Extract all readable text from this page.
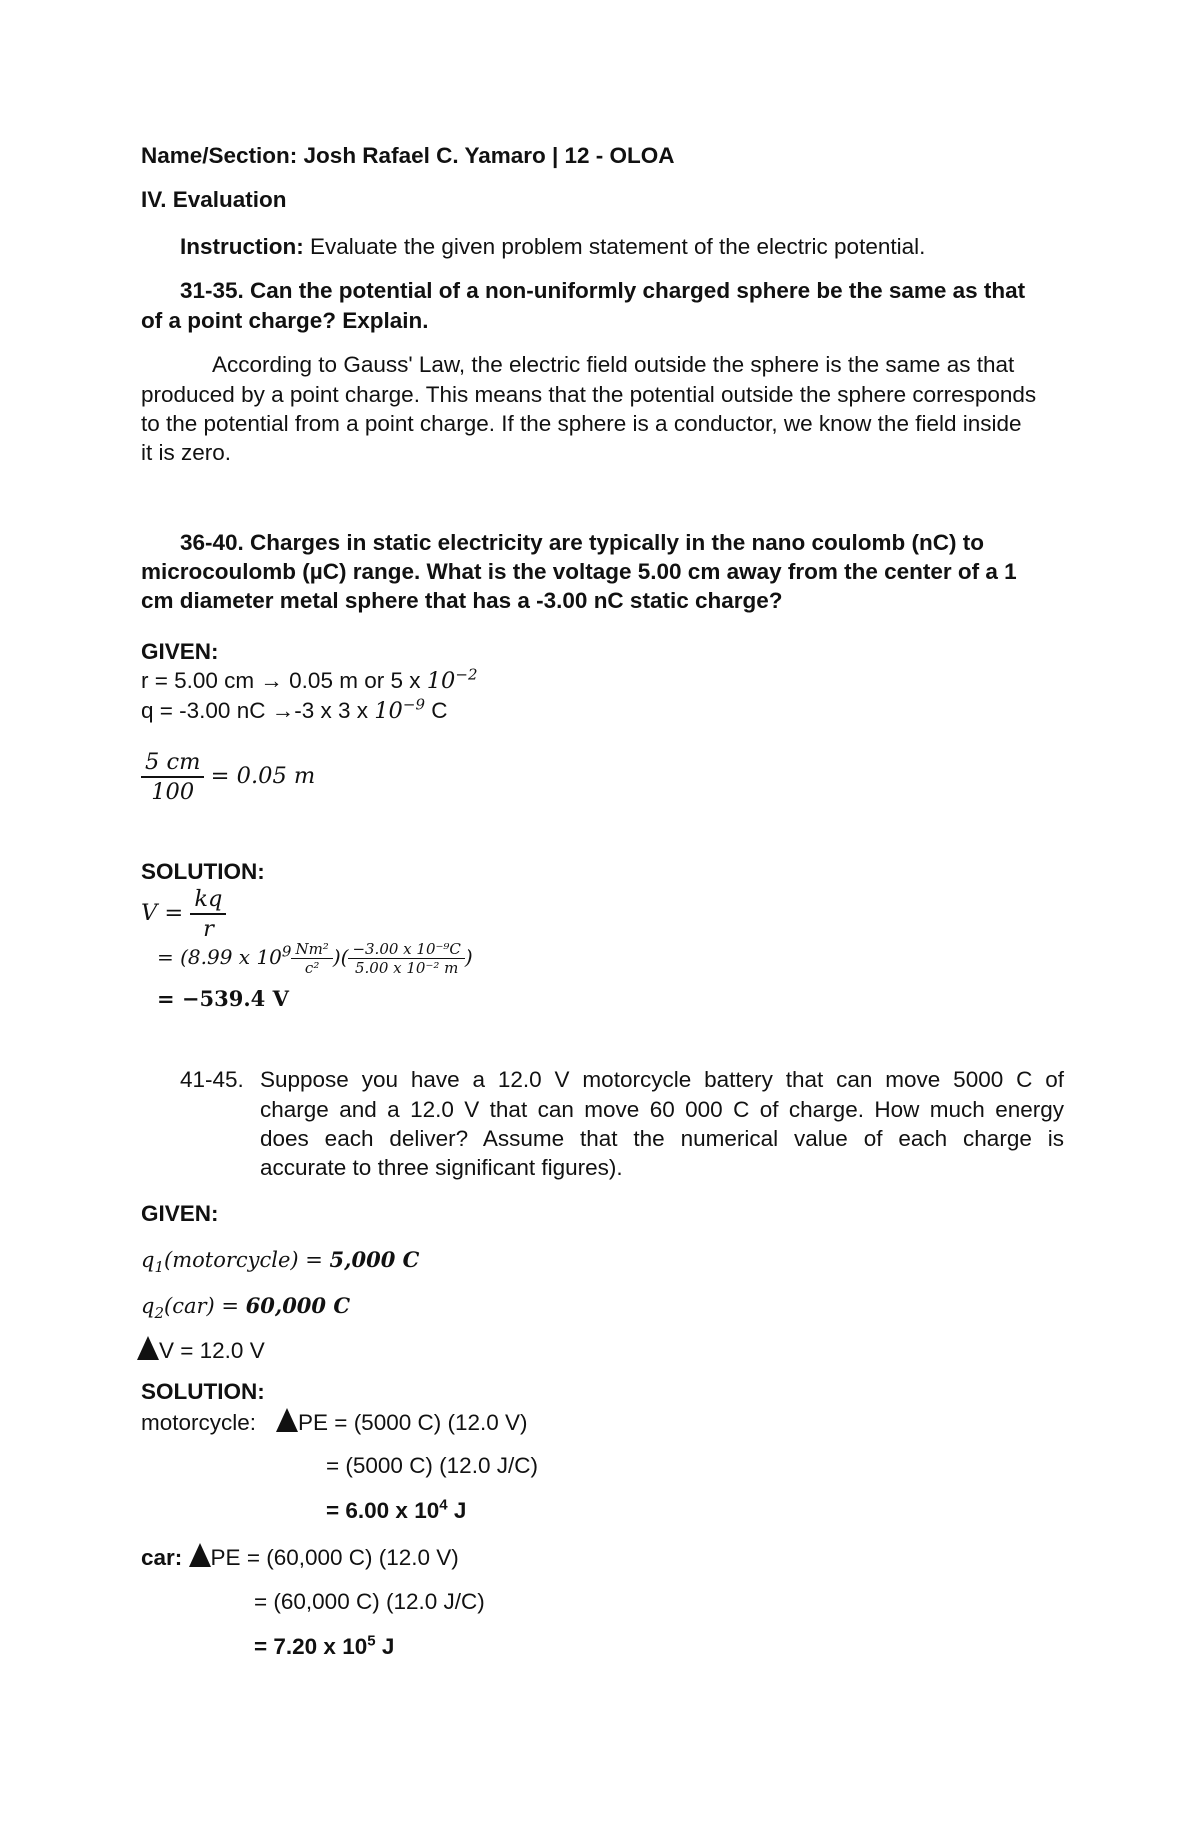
Name/Section: Josh Rafael C. Yamaro | 12 - OLOA
IV. Evaluation
Instruction: Evaluate the given problem statement of the electric potential.
31-35. Can the potential of a non-uniformly charged sphere be the same as that
of a point charge? Explain.
According to Gauss' Law, the electric field outside the sphere is the same as that
produced by a point charge. This means that the potential outside the sphere corresponds
to the potential from a point charge. If the sphere is a conductor, we know the field inside
it is zero.
36-40. Charges in static electricity are typically in the nano coulomb (nC) to
microcoulomb (µC) range. What is the voltage 5.00 cm away from the center of a 1
cm diameter metal sphere that has a -3.00 nC static charge?
GIVEN:
r = 5.00 cm → 0.05 m or 5 x $10^{-2}$
q = -3.00 nC →-3 x 3 x $10^{-9}$ C
$\frac{5 cm}{100} = 0.05$ m
SOLUTION:
$V = \frac{kq}{r}$
= (8.99 x $10^9 \frac{\text{Nm²}}{\text{c²}}$ )( $\frac{\text{−3.00 x 10⁻⁹C}}{\text{5.00 x 10⁻² m}}$ )
= −539.4 V
41-45. Suppose you have a 12.0 V motorcycle battery that can move 5000 C of
charge and a 12.0 V that can move 60 000 C of charge. How much energy
does each deliver? Assume that the numerical value of each charge is
accurate to three significant figures).
GIVEN:
$q_1(motorcycle) = 5,000$ C
$q_2(car) = 60,000$ C
V = 12.0 V
SOLUTION:
motorcycle: PE = (5000 C) (12.0 V)
= (5000 C) (12.0 J/C)
= 6.00 x $10^4$ J
car: PE = (60,000 C) (12.0 V)
= (60,000 C) (12.0 J/C)
= 7.20 x $10^5$ J
